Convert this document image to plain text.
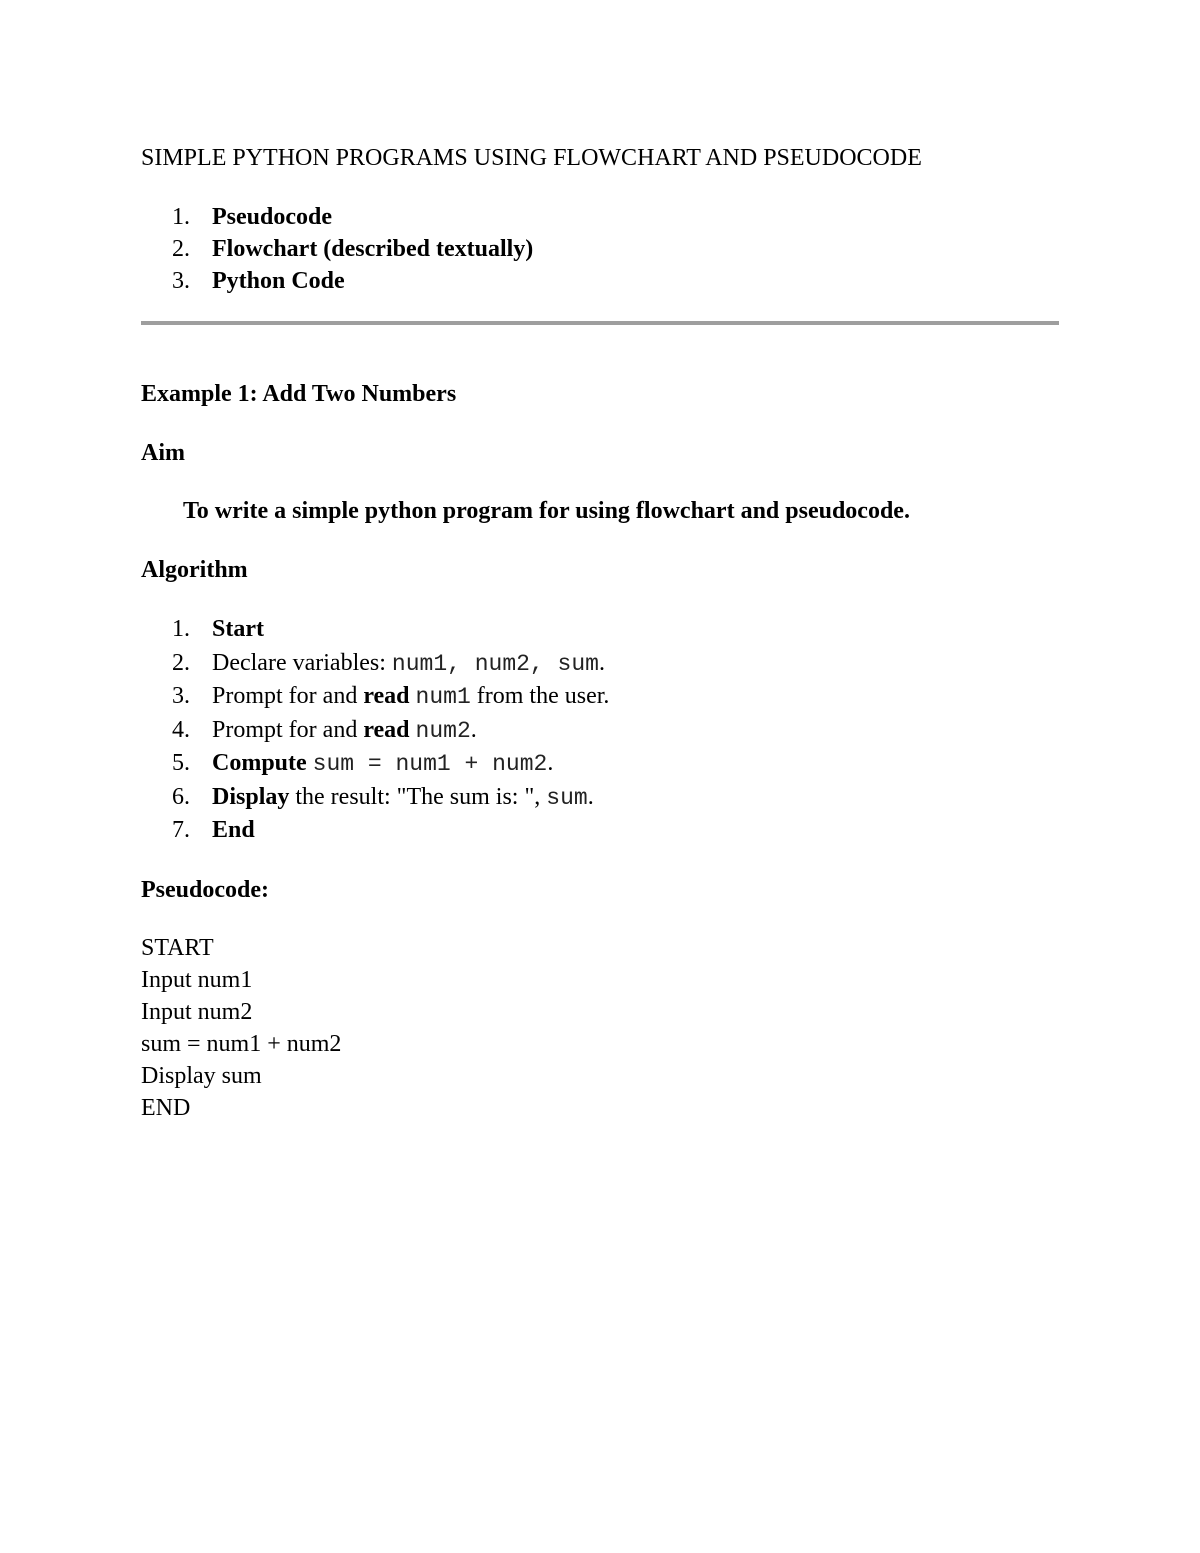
SIMPLE PYTHON PROGRAMS USING FLOWCHART AND PSEUDOCODE
1. Pseudocode
2. Flowchart (described textually)
3. Python Code
Example 1: Add Two Numbers
Aim
To write a simple python program for using flowchart and pseudocode.
Algorithm
1. Start
2. Declare variables: num1, num2, sum.
3. Prompt for and read num1 from the user.
4. Prompt for and read num2.
5. Compute sum = num1 + num2.
6. Display the result: "The sum is: ", sum.
7. End
Pseudocode:
START
Input num1
Input num2
sum = num1 + num2
Display sum
END
